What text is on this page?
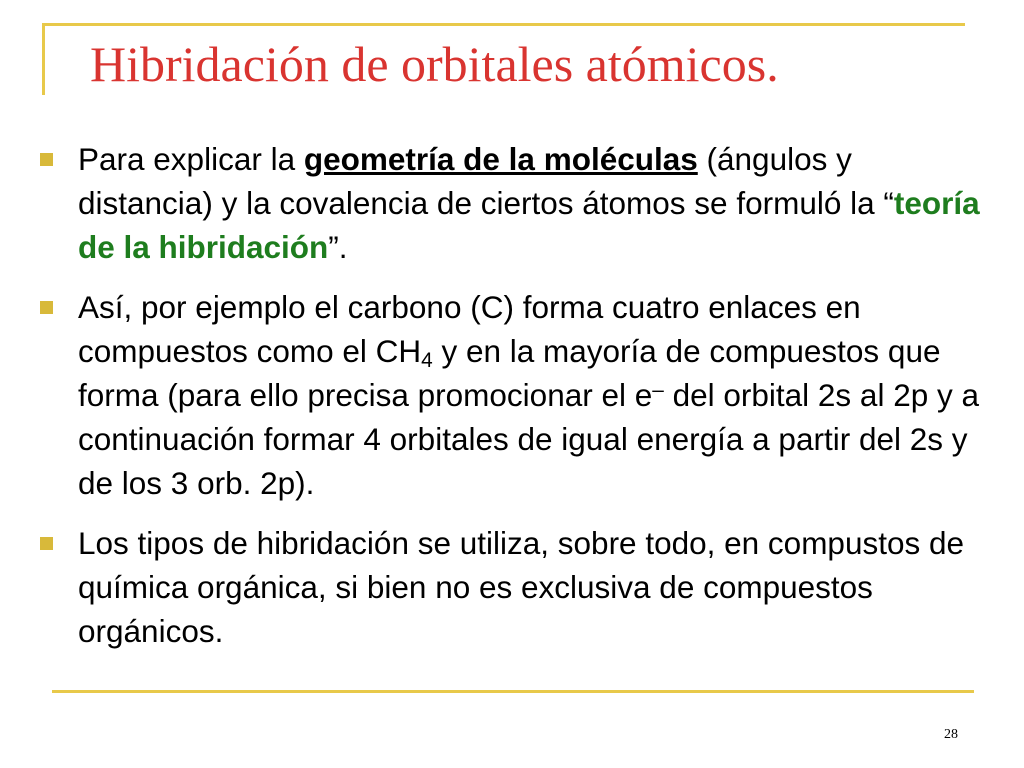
Hibridación de orbitales atómicos.
Para explicar la geometría de la moléculas (ángulos y distancia) y la covalencia de ciertos átomos se formuló la “teoría de la hibridación”.
Así, por ejemplo el carbono (C) forma cuatro enlaces en compuestos como el $CH_4$ y en la mayoría de compuestos que forma (para ello precisa promocionar el e– del orbital 2s al 2p y a continuación formar 4 orbitales de igual energía a partir del 2s y de los 3 orb. 2p).
Los tipos de hibridación se utiliza, sobre todo, en compustos de química orgánica, si bien no es exclusiva de compuestos orgánicos.
28
